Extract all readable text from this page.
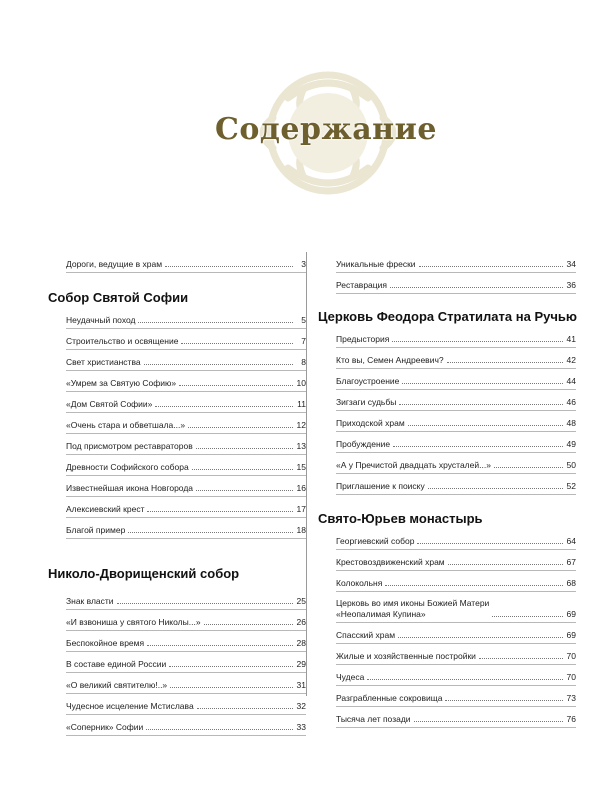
Содержание
Дороги, ведущие в храм	3
Собор Святой Софии
Неудачный поход	5
Строительство и освящение	7
Свет христианства	8
«Умрем за Святую Софию»	10
«Дом Святой Софии»	11
«Очень стара и обветшала...»	12
Под присмотром реставраторов	13
Древности Софийского собора	15
Известнейшая икона Новгорода	16
Алексиевский крест	17
Благой пример	18
Николо-Дворищенский собор
Знак власти	25
«И взвониша у святого Николы...»	26
Беспокойное время	28
В составе единой России	29
«О великий святителю!..»	31
Чудесное исцеление Мстислава	32
«Соперник» Софии	33
Уникальные фрески	34
Реставрация	36
Церковь Феодора Стратилата на Ручью
Предыстория	41
Кто вы, Семен Андреевич?	42
Благоустроение	44
Зигзаги судьбы	46
Приходской храм	48
Пробуждение	49
«А у Пречистой двадцать хрусталей...»	50
Приглашение к поиску	52
Свято-Юрьев монастырь
Георгиевский собор	64
Крестовоздвиженский храм	67
Колокольня	68
Церковь во имя иконы Божией Матери
«Неопалимая Купина»	69
Спасский храм	69
Жилые и хозяйственные постройки	70
Чудеса	70
Разграбленные сокровища	73
Тысяча лет позади	76
